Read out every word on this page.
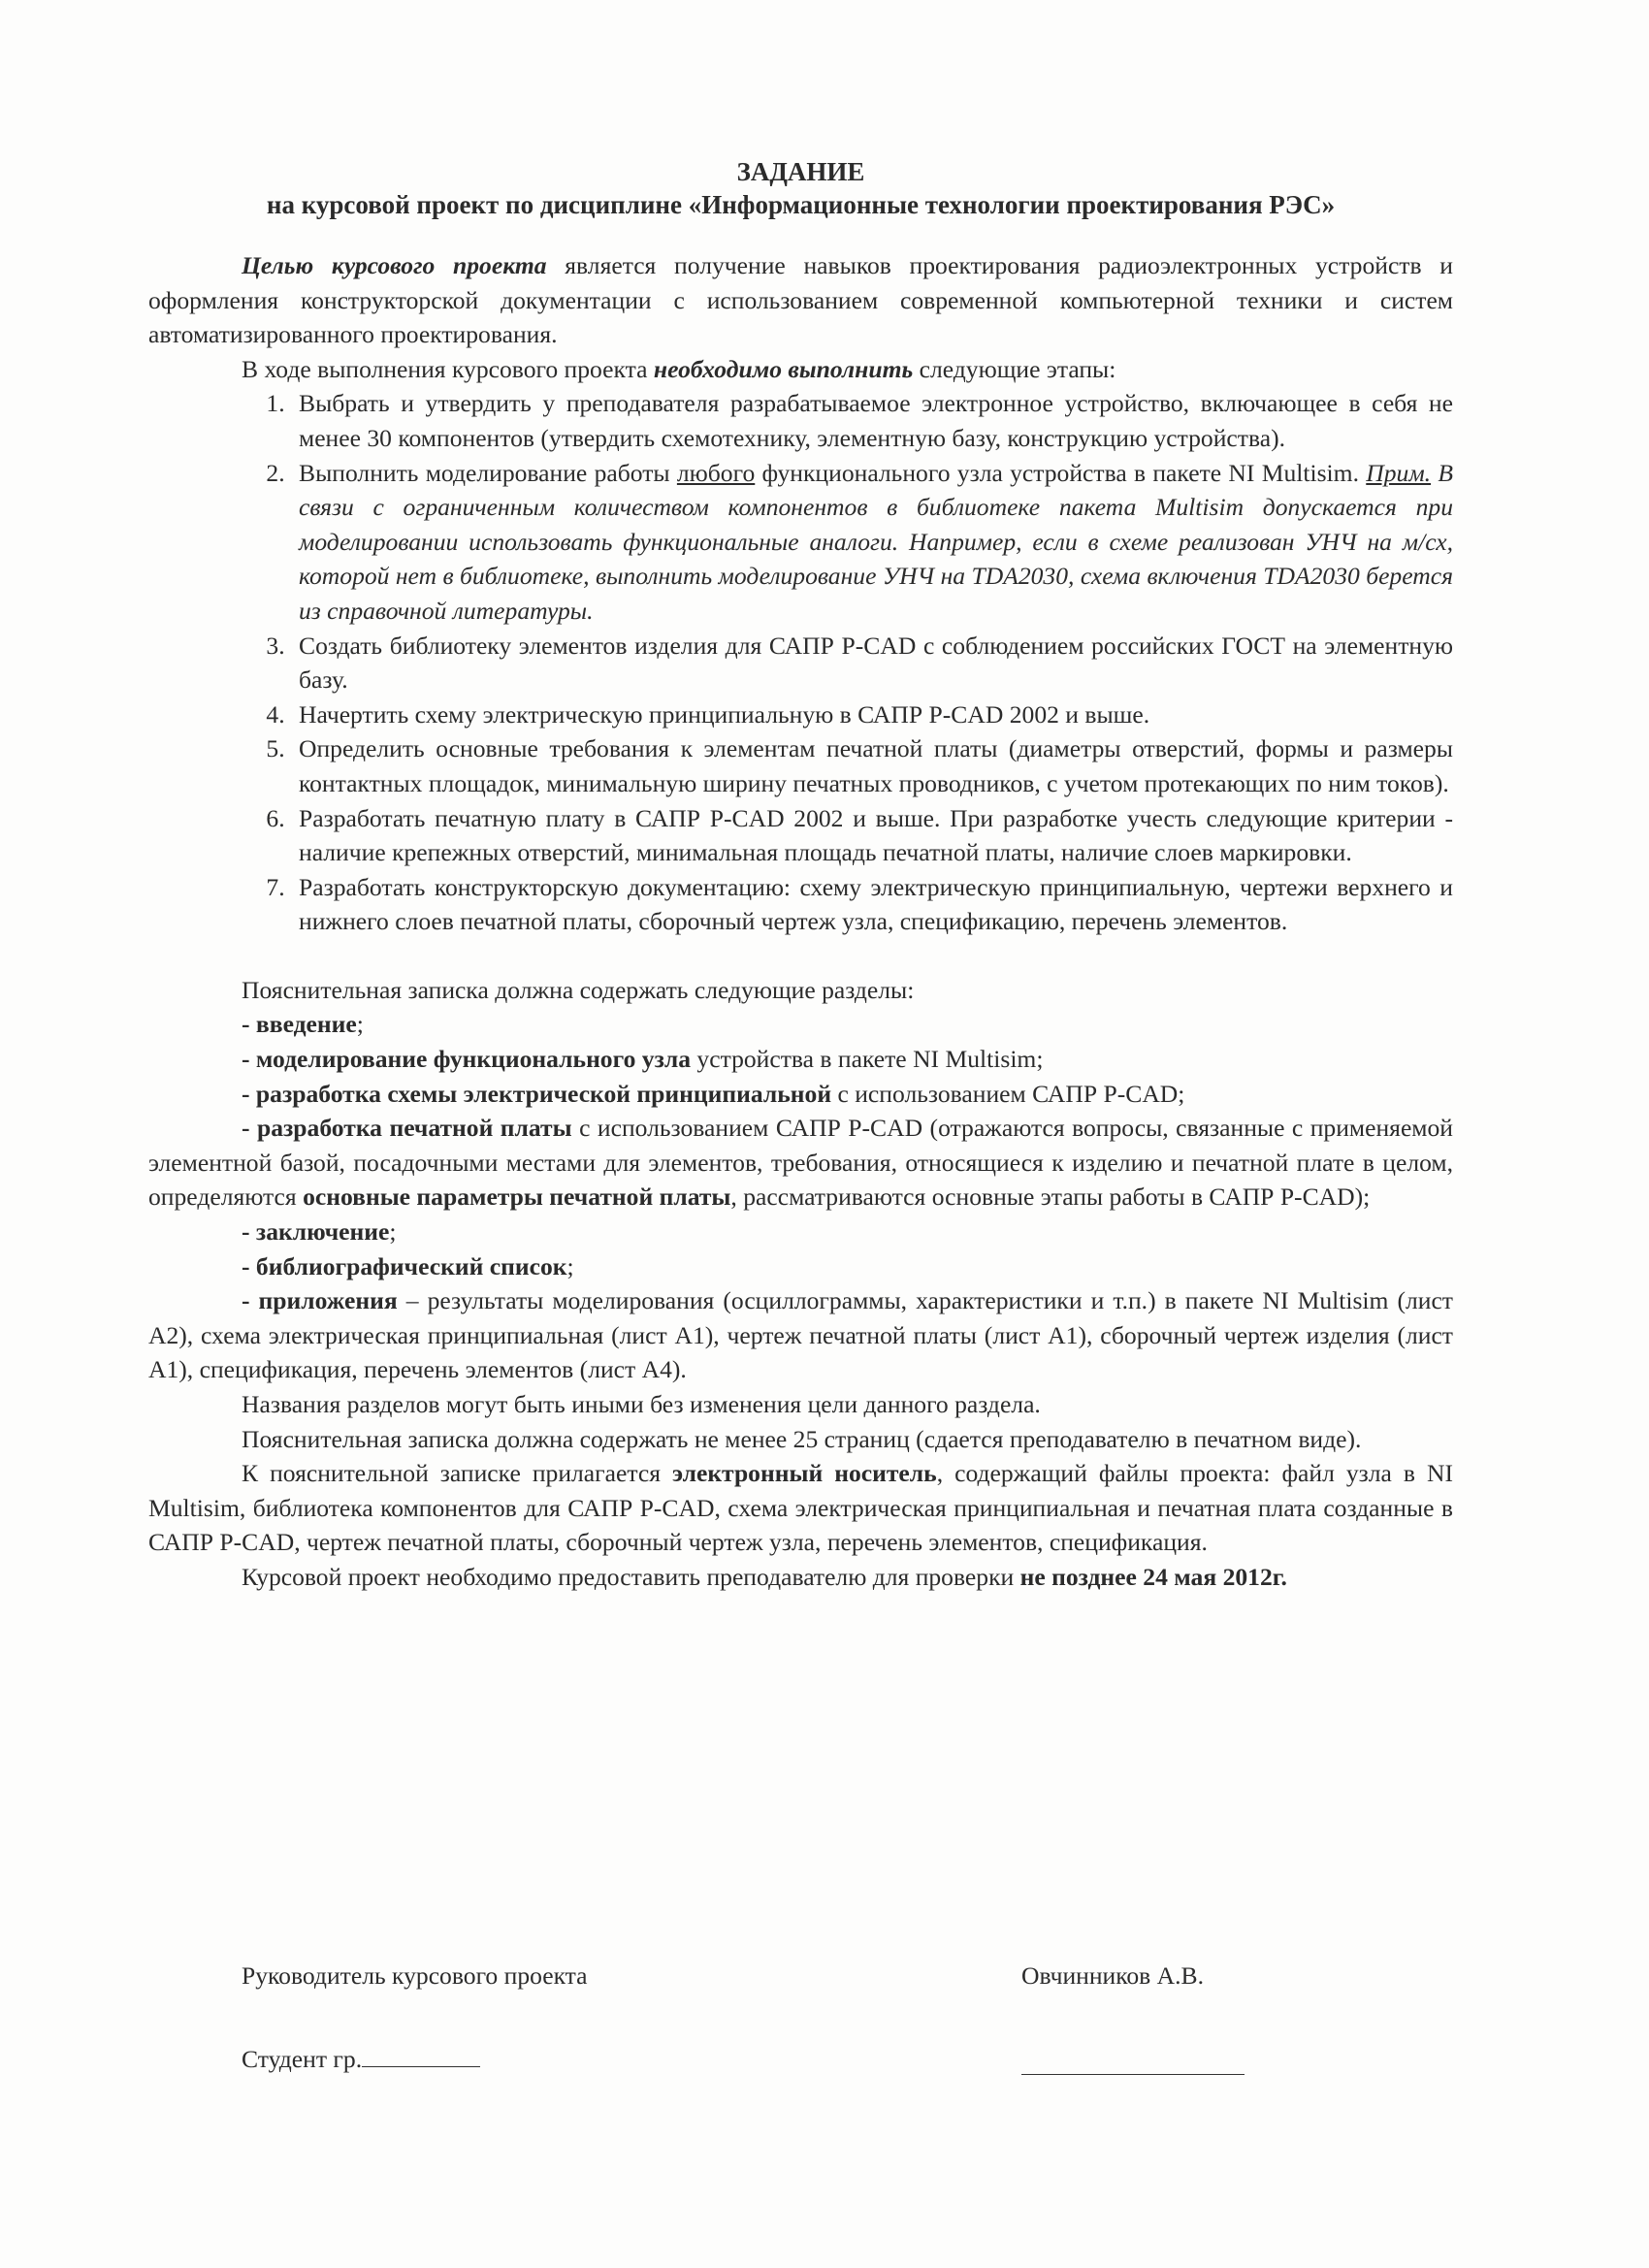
ЗАДАНИЕ
на курсовой проект по дисциплине «Информационные технологии проектирования РЭС»

Целью курсового проекта является получение навыков проектирования радиоэлектронных устройств и оформления конструкторской документации с использованием современной компьютерной техники и систем автоматизированного проектирования.

В ходе выполнения курсового проекта необходимо выполнить следующие этапы:

1. Выбрать и утвердить у преподавателя разрабатываемое электронное устройство, включающее в себя не менее 30 компонентов (утвердить схемотехнику, элементную базу, конструкцию устройства).
2. Выполнить моделирование работы любого функционального узла устройства в пакете NI Multisim. Прим. В связи с ограниченным количеством компонентов в библиотеке пакета Multisim допускается при моделировании использовать функциональные аналоги. Например, если в схеме реализован УНЧ на м/сх, которой нет в библиотеке, выполнить моделирование УНЧ на TDA2030, схема включения TDA2030 берется из справочной литературы.
3. Создать библиотеку элементов изделия для САПР P-CAD с соблюдением российских ГОСТ на элементную базу.
4. Начертить схему электрическую принципиальную в САПР P-CAD 2002 и выше.
5. Определить основные требования к элементам печатной платы (диаметры отверстий, формы и размеры контактных площадок, минимальную ширину печатных проводников, с учетом протекающих по ним токов).
6. Разработать печатную плату в САПР P-CAD 2002 и выше. При разработке учесть следующие критерии - наличие крепежных отверстий, минимальная площадь печатной платы, наличие слоев маркировки.
7. Разработать конструкторскую документацию: схему электрическую принципиальную, чертежи верхнего и нижнего слоев печатной платы, сборочный чертеж узла, спецификацию, перечень элементов.

Пояснительная записка должна содержать следующие разделы:

- введение;

- моделирование функционального узла устройства в пакете NI Multisim;

- разработка схемы электрической принципиальной с использованием САПР P-CAD;

- разработка печатной платы с использованием САПР P-CAD (отражаются вопросы, связанные с применяемой элементной базой, посадочными местами для элементов, требования, относящиеся к изделию и печатной плате в целом, определяются основные параметры печатной платы, рассматриваются основные этапы работы в САПР P-CAD);

- заключение;

- библиографический список;

- приложения – результаты моделирования (осциллограммы, характеристики и т.п.) в пакете NI Multisim (лист А2), схема электрическая принципиальная (лист А1), чертеж печатной платы (лист А1), сборочный чертеж изделия (лист А1), спецификация, перечень элементов (лист А4).

Названия разделов могут быть иными без изменения цели данного раздела.

Пояснительная записка должна содержать не менее 25 страниц (сдается преподавателю в печатном виде).

К пояснительной записке прилагается электронный носитель, содержащий файлы проекта: файл узла в NI Multisim, библиотека компонентов для САПР P-CAD, схема электрическая принципиальная и печатная плата созданные в САПР P-CAD, чертеж печатной платы, сборочный чертеж узла, перечень элементов, спецификация.

Курсовой проект необходимо предоставить преподавателю для проверки не позднее 24 мая 2012г.

Руководитель курсового проекта	Овчинников А.В.
Студент гр.
